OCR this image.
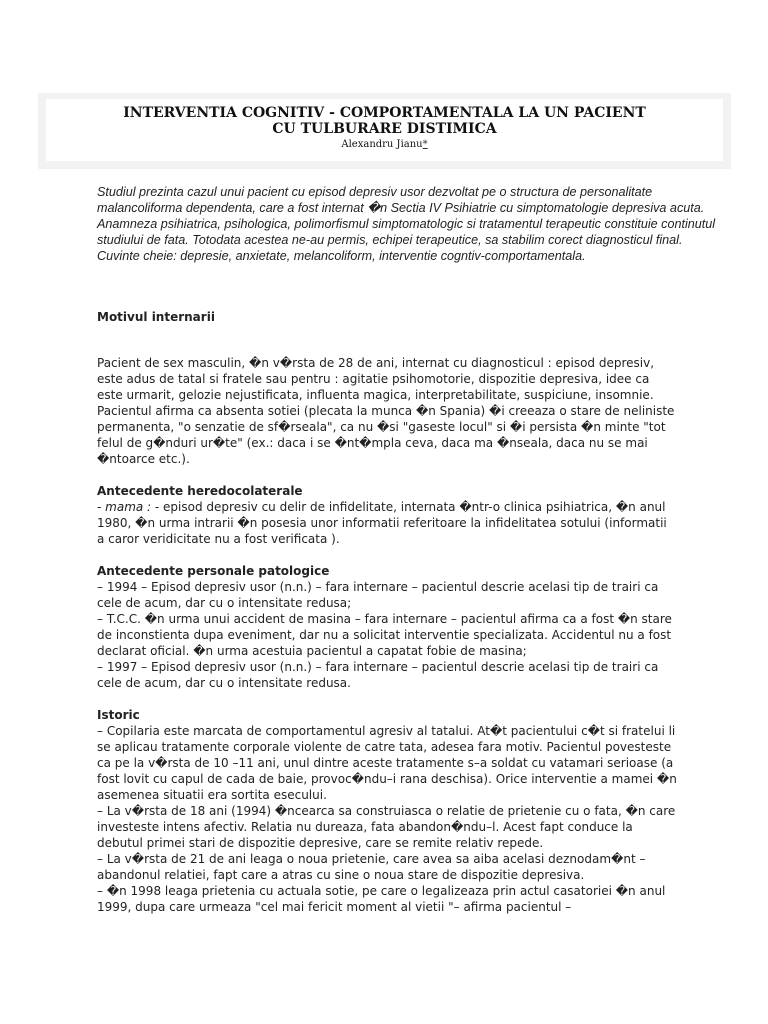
INTERVENTIA COGNITIV - COMPORTAMENTALA LA UN PACIENT
CU TULBURARE DISTIMICA
Alexandru Jianu*

Studiul prezinta cazul unui pacient cu episod depresiv usor dezvoltat pe o structura de personalitate malancoliforma dependenta, care a fost internat �n Sectia IV Psihiatrie cu simptomatologie depresiva acuta. Anamneza psihiatrica, psihologica, polimorfismul simptomatologic si tratamentul terapeutic constituie continutul studiului de fata. Totodata acestea ne-au permis, echipei terapeutice, sa stabilim corect diagnosticul final.

Cuvinte cheie: depresie, anxietate, melancoliform, interventie cogntiv-comportamentala.

Motivul internarii

Pacient de sex masculin, �n v�rsta de 28 de ani, internat cu diagnosticul : episod depresiv, este adus de tatal si fratele sau pentru : agitatie psihomotorie, dispozitie depresiva, idee ca este urmarit, gelozie nejustificata, influenta magica, interpretabilitate, suspiciune, insomnie.

Pacientul afirma ca absenta sotiei (plecata la munca �n Spania) �i creeaza o stare de neliniste permanenta, "o senzatie de sf�rseala", ca nu �si "gaseste locul" si �i persista �n minte "tot felul de g�nduri ur�te" (ex.: daca i se �nt�mpla ceva, daca ma �nseala, daca nu se mai �ntoarce etc.).

Antecedente heredocolaterale

- mama : - episod depresiv cu delir de infidelitate, internata �ntr-o clinica psihiatrica, �n anul 1980, �n urma intrarii �n posesia unor informatii referitoare la infidelitatea sotului (informatii a caror veridicitate nu a fost verificata ).

Antecedente personale patologice

– 1994 – Episod depresiv usor (n.n.) – fara internare – pacientul descrie acelasi tip de trairi ca cele de acum, dar cu o intensitate redusa;

– T.C.C. �n urma unui accident de masina – fara internare – pacientul afirma ca a fost �n stare de inconstienta dupa eveniment, dar nu a solicitat interventie specializata. Accidentul nu a fost declarat oficial. �n urma acestuia pacientul a capatat fobie de masina;

– 1997 – Episod depresiv usor (n.n.) – fara internare – pacientul descrie acelasi tip de trairi ca cele de acum, dar cu o intensitate redusa.

Istoric

– Copilaria este marcata de comportamentul agresiv al tatalui. At�t pacientului c�t si fratelui li se aplicau tratamente corporale violente de catre tata, adesea fara motiv. Pacientul povesteste ca pe la v�rsta de 10 –11 ani, unul dintre aceste tratamente s–a soldat cu vatamari serioase (a fost lovit cu capul de cada de baie, provoc�ndu–i rana deschisa). Orice interventie a mamei �n asemenea situatii era sortita esecului.

– La v�rsta de 18 ani (1994) �ncearca sa construiasca o relatie de prietenie cu o fata, �n care investeste intens afectiv. Relatia nu dureaza, fata abandon�ndu–l. Acest fapt conduce la debutul primei stari de dispozitie depresive, care se remite relativ repede.

– La v�rsta de 21 de ani leaga o noua prietenie, care avea sa aiba acelasi deznodam�nt – abandonul relatiei, fapt care a atras cu sine o noua stare de dispozitie depresiva.

– �n 1998 leaga prietenia cu actuala sotie, pe care o legalizeaza prin actul casatoriei �n anul 1999, dupa care urmeaza "cel mai fericit moment al vietii "– afirma pacientul –
